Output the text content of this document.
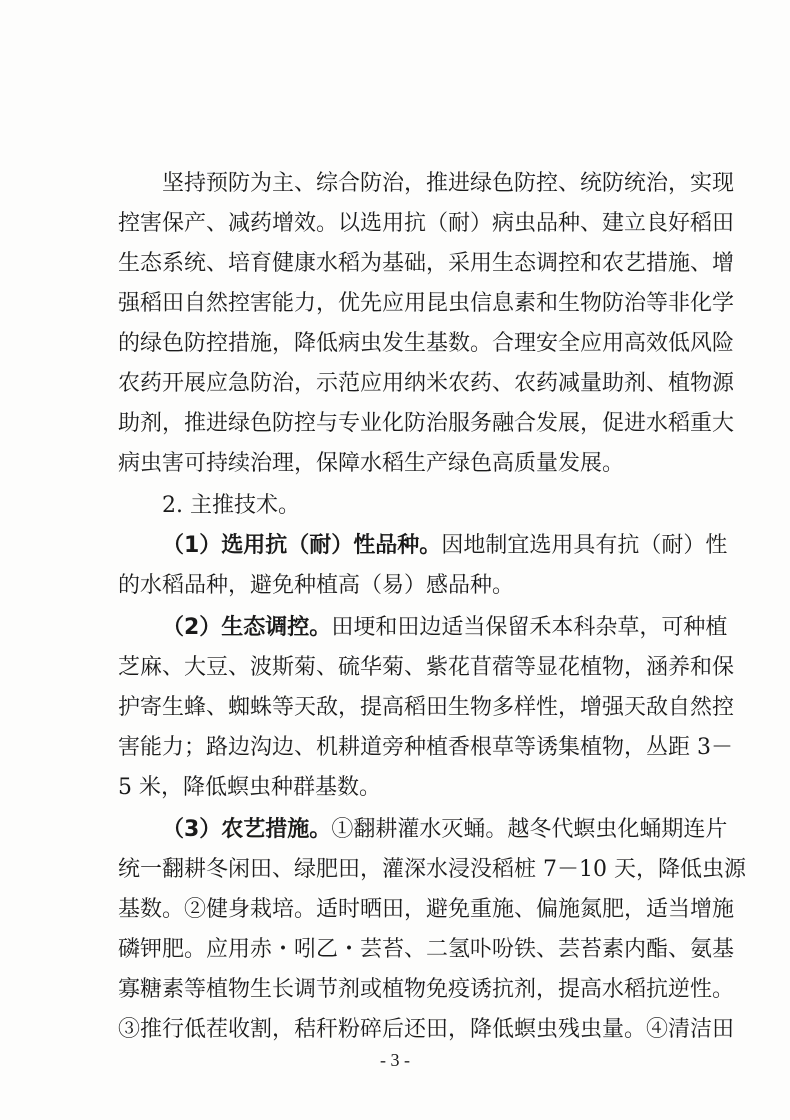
坚持预防为主、综合防治，推进绿色防控、统防统治，实现
控害保产、减药增效。以选用抗（耐）病虫品种、建立良好稻田
生态系统、培育健康水稻为基础，采用生态调控和农艺措施、增
强稻田自然控害能力，优先应用昆虫信息素和生物防治等非化学
的绿色防控措施，降低病虫发生基数。合理安全应用高效低风险
农药开展应急防治，示范应用纳米农药、农药减量助剂、植物源
助剂，推进绿色防控与专业化防治服务融合发展，促进水稻重大
病虫害可持续治理，保障水稻生产绿色高质量发展。
2. 主推技术。
（1）选用抗（耐）性品种。因地制宜选用具有抗（耐）性
的水稻品种，避免种植高（易）感品种。
（2）生态调控。田埂和田边适当保留禾本科杂草，可种植
芝麻、大豆、波斯菊、硫华菊、紫花苜蓿等显花植物，涵养和保
护寄生蜂、蜘蛛等天敌，提高稻田生物多样性，增强天敌自然控
害能力；路边沟边、机耕道旁种植香根草等诱集植物，丛距 3－
5 米，降低螟虫种群基数。
（3）农艺措施。①翻耕灌水灭蛹。越冬代螟虫化蛹期连片
统一翻耕冬闲田、绿肥田，灌深水浸没稻桩 7－10 天，降低虫源
基数。②健身栽培。适时晒田，避免重施、偏施氮肥，适当增施
磷钾肥。应用赤・吲乙・芸苔、二氢卟吩铁、芸苔素内酯、氨基
寡糖素等植物生长调节剂或植物免疫诱抗剂，提高水稻抗逆性。
③推行低茬收割，秸秆粉碎后还田，降低螟虫残虫量。④清洁田
- 3 -
